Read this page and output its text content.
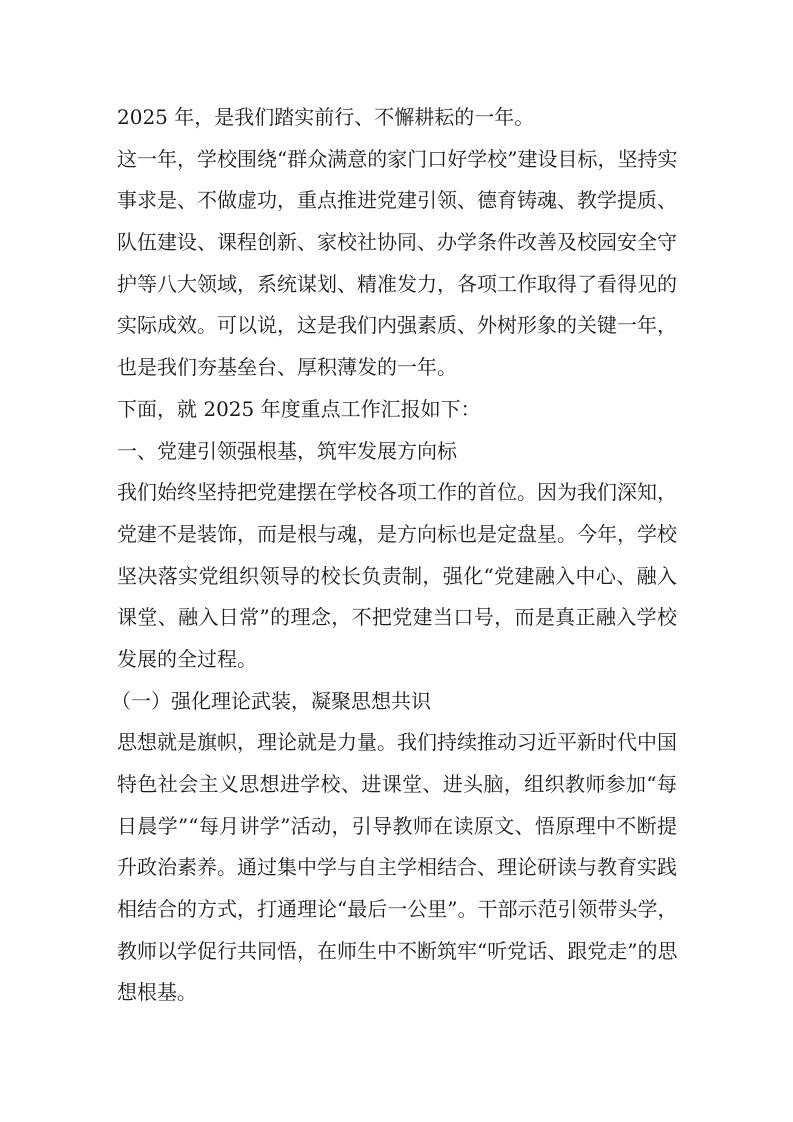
2025 年，是我们踏实前行、不懈耕耘的一年。
这一年，学校围绕“群众满意的家门口好学校”建设目标，坚持实
事求是、不做虚功，重点推进党建引领、德育铸魂、教学提质、
队伍建设、课程创新、家校社协同、办学条件改善及校园安全守
护等八大领域，系统谋划、精准发力，各项工作取得了看得见的
实际成效。可以说，这是我们内强素质、外树形象的关键一年，
也是我们夯基垒台、厚积薄发的一年。
下面，就 2025 年度重点工作汇报如下：
一、党建引领强根基，筑牢发展方向标
我们始终坚持把党建摆在学校各项工作的首位。因为我们深知，
党建不是装饰，而是根与魂，是方向标也是定盘星。今年，学校
坚决落实党组织领导的校长负责制，强化“党建融入中心、融入
课堂、融入日常”的理念，不把党建当口号，而是真正融入学校
发展的全过程。
（一）强化理论武装，凝聚思想共识
思想就是旗帜，理论就是力量。我们持续推动习近平新时代中国
特色社会主义思想进学校、进课堂、进头脑，组织教师参加“每
日晨学”“每月讲学”活动，引导教师在读原文、悟原理中不断提
升政治素养。通过集中学与自主学相结合、理论研读与教育实践
相结合的方式，打通理论“最后一公里”。干部示范引领带头学，
教师以学促行共同悟，在师生中不断筑牢“听党话、跟党走”的思
想根基。
